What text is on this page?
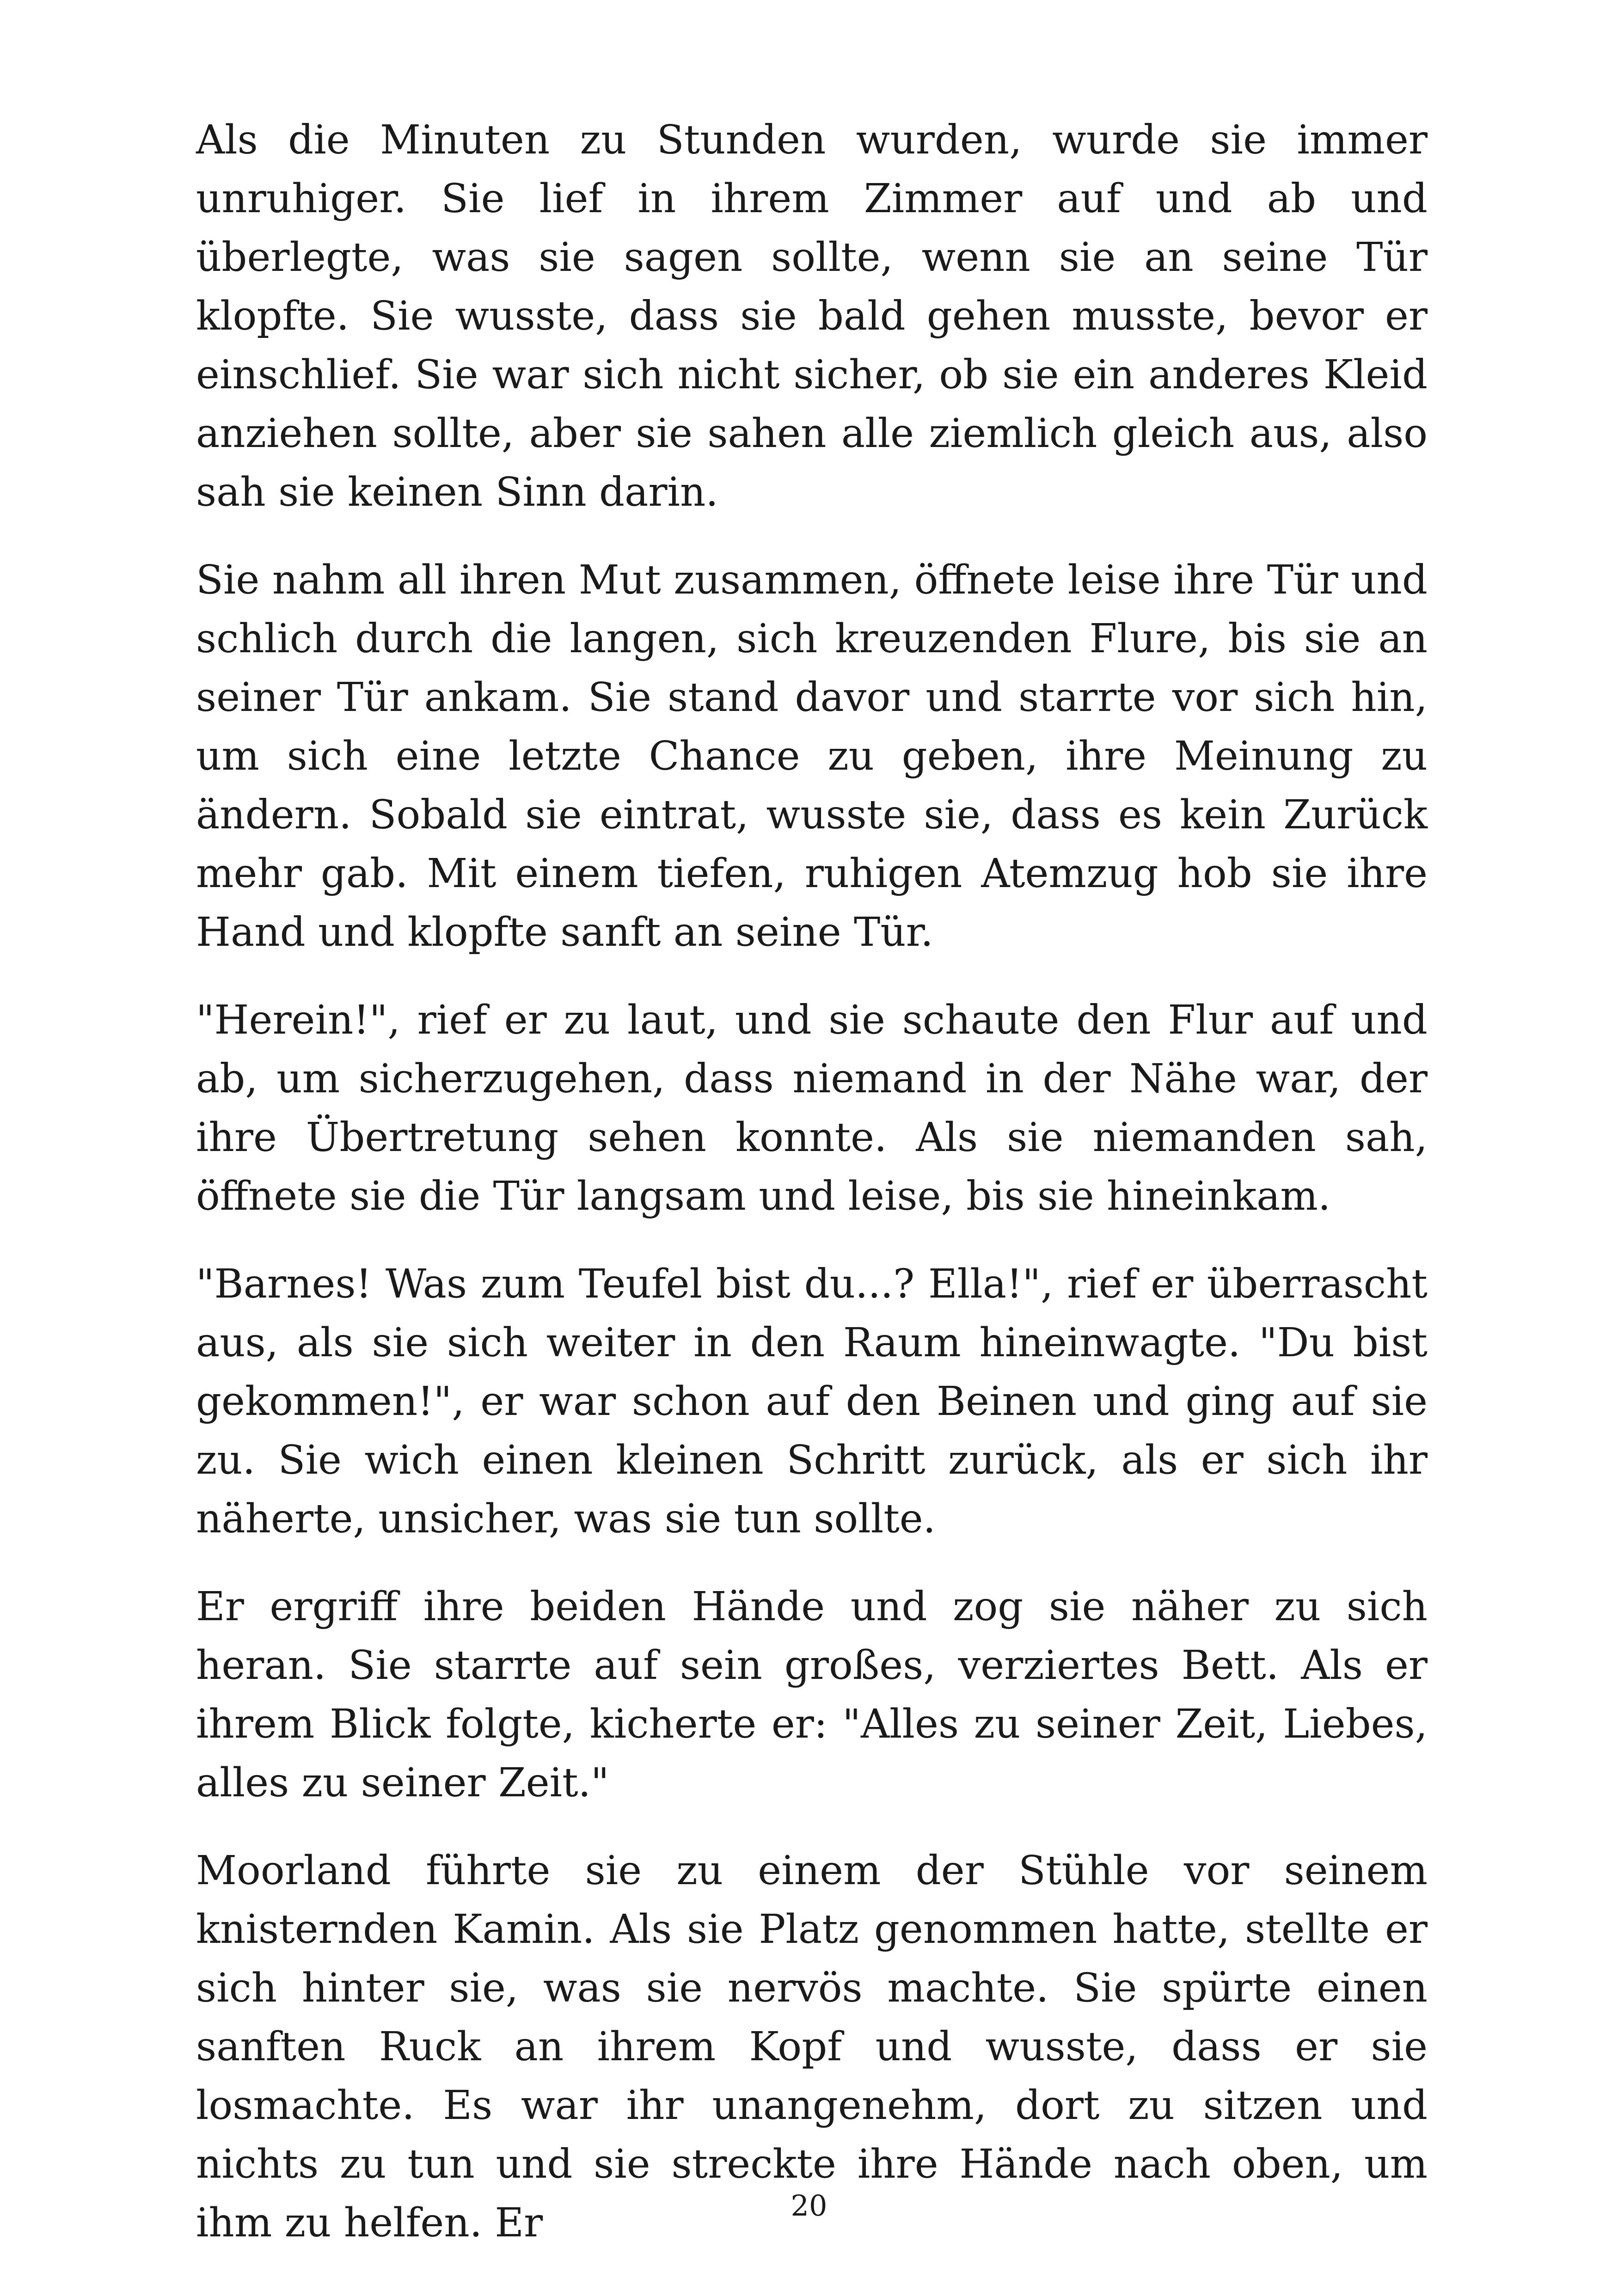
Als die Minuten zu Stunden wurden, wurde sie immer unruhiger. Sie lief in ihrem Zimmer auf und ab und überlegte, was sie sagen sollte, wenn sie an seine Tür klopfte. Sie wusste, dass sie bald gehen musste, bevor er einschlief. Sie war sich nicht sicher, ob sie ein anderes Kleid anziehen sollte, aber sie sahen alle ziemlich gleich aus, also sah sie keinen Sinn darin.

Sie nahm all ihren Mut zusammen, öffnete leise ihre Tür und schlich durch die langen, sich kreuzenden Flure, bis sie an seiner Tür ankam. Sie stand davor und starrte vor sich hin, um sich eine letzte Chance zu geben, ihre Meinung zu ändern. Sobald sie eintrat, wusste sie, dass es kein Zurück mehr gab. Mit einem tiefen, ruhigen Atemzug hob sie ihre Hand und klopfte sanft an seine Tür.

"Herein!", rief er zu laut, und sie schaute den Flur auf und ab, um sicherzugehen, dass niemand in der Nähe war, der ihre Übertretung sehen konnte. Als sie niemanden sah, öffnete sie die Tür langsam und leise, bis sie hineinkam.

"Barnes! Was zum Teufel bist du...? Ella!", rief er überrascht aus, als sie sich weiter in den Raum hineinwagte. "Du bist gekommen!", er war schon auf den Beinen und ging auf sie zu. Sie wich einen kleinen Schritt zurück, als er sich ihr näherte, unsicher, was sie tun sollte.

Er ergriff ihre beiden Hände und zog sie näher zu sich heran. Sie starrte auf sein großes, verziertes Bett. Als er ihrem Blick folgte, kicherte er: "Alles zu seiner Zeit, Liebes, alles zu seiner Zeit."

Moorland führte sie zu einem der Stühle vor seinem knisternden Kamin. Als sie Platz genommen hatte, stellte er sich hinter sie, was sie nervös machte. Sie spürte einen sanften Ruck an ihrem Kopf und wusste, dass er sie losmachte. Es war ihr unangenehm, dort zu sitzen und nichts zu tun und sie streckte ihre Hände nach oben, um ihm zu helfen. Er	20
